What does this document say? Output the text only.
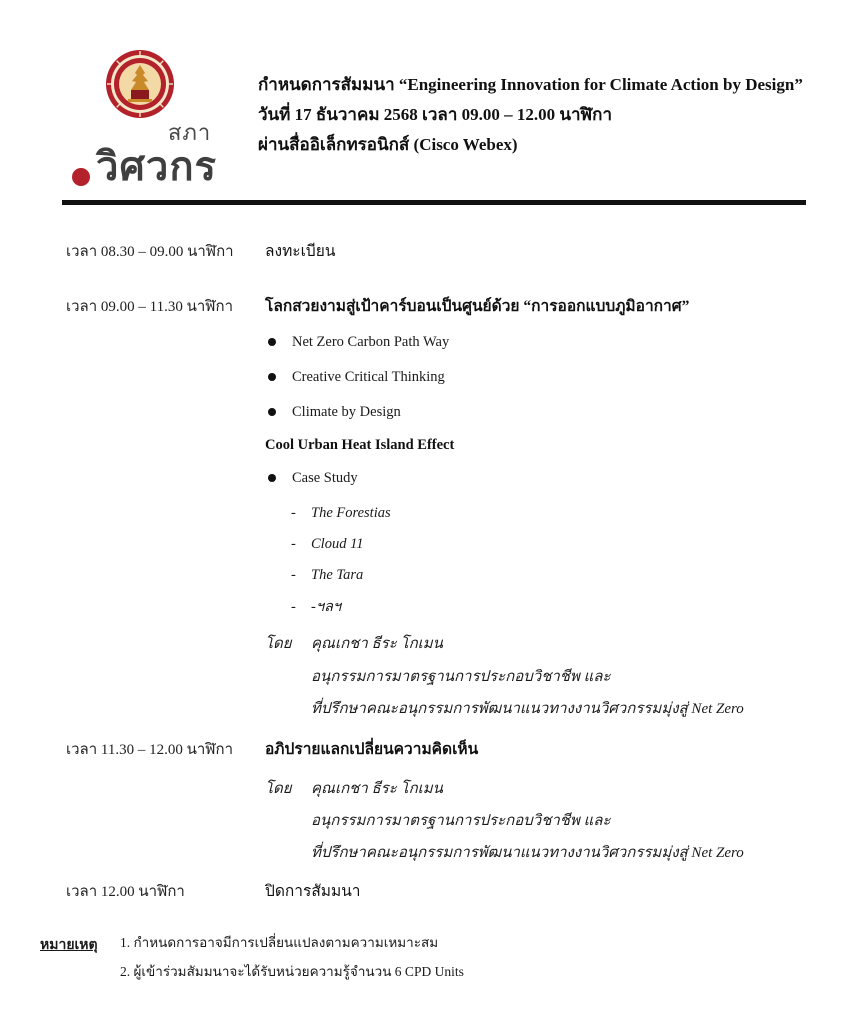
สภา
วิศวกร
กำหนดการสัมมนา “Engineering Innovation for Climate Action by Design”
วันที่ 17 ธันวาคม 2568 เวลา 09.00 – 12.00 นาฬิกา
ผ่านสื่ออิเล็กทรอนิกส์ (Cisco Webex)
เวลา 08.30 – 09.00 นาฬิกา ลงทะเบียน
เวลา 09.00 – 11.30 นาฬิกา โลกสวยงามสู่เป้าคาร์บอนเป็นศูนย์ด้วย “การออกแบบภูมิอากาศ”
Net Zero Carbon Path Way
Creative Critical Thinking
Climate by Design
Cool Urban Heat Island Effect
Case Study
- The Forestias
- Cloud 11
- The Tara
- -ฯลฯ
โดย คุณเกชา ธีระ โกเมน
อนุกรรมการมาตรฐานการประกอบวิชาชีพ และ
ที่ปรึกษาคณะอนุกรรมการพัฒนาแนวทางงานวิศวกรรมมุ่งสู่ Net Zero
เวลา 11.30 – 12.00 นาฬิกา อภิปรายแลกเปลี่ยนความคิดเห็น
โดย คุณเกชา ธีระ โกเมน
อนุกรรมการมาตรฐานการประกอบวิชาชีพ และ
ที่ปรึกษาคณะอนุกรรมการพัฒนาแนวทางงานวิศวกรรมมุ่งสู่ Net Zero
เวลา 12.00 นาฬิกา	ปิดการสัมมนา
หมายเหตุ 1. กำหนดการอาจมีการเปลี่ยนแปลงตามความเหมาะสม
2. ผู้เข้าร่วมสัมมนาจะได้รับหน่วยความรู้จำนวน 6 CPD Units
